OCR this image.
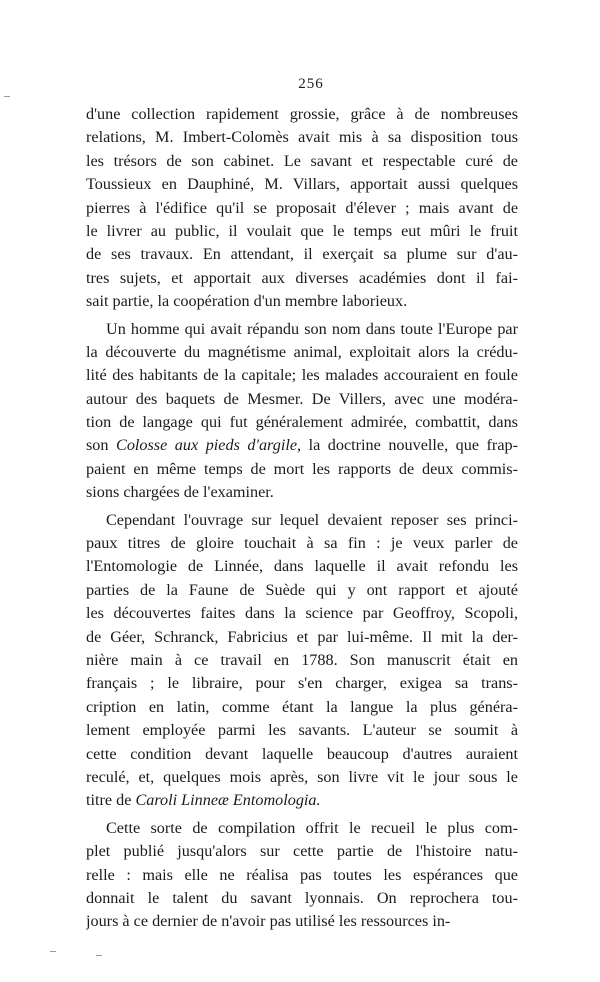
256
d'une collection rapidement grossie, grâce à de nombreuses
relations, M. Imbert-Colomès avait mis à sa disposition tous
les trésors de son cabinet. Le savant et respectable curé de
Toussieux en Dauphiné, M. Villars, apportait aussi quelques
pierres à l'édifice qu'il se proposait d'élever ; mais avant de
le livrer au public, il voulait que le temps eut mûri le fruit
de ses travaux. En attendant, il exerçait sa plume sur d'au-
tres sujets, et apportait aux diverses académies dont il fai-
sait partie, la coopération d'un membre laborieux.
Un homme qui avait répandu son nom dans toute l'Europe par
la découverte du magnétisme animal, exploitait alors la crédu-
lité des habitants de la capitale; les malades accouraient en foule
autour des baquets de Mesmer. De Villers, avec une modéra-
tion de langage qui fut généralement admirée, combattit, dans
son Colosse aux pieds d'argile, la doctrine nouvelle, que frap-
paient en même temps de mort les rapports de deux commis-
sions chargées de l'examiner.
Cependant l'ouvrage sur lequel devaient reposer ses princi-
paux titres de gloire touchait à sa fin : je veux parler de
l'Entomologie de Linnée, dans laquelle il avait refondu les
parties de la Faune de Suède qui y ont rapport et ajouté
les découvertes faites dans la science par Geoffroy, Scopoli,
de Géer, Schranck, Fabricius et par lui-même. Il mit la der-
nière main à ce travail en 1788. Son manuscrit était en
français ; le libraire, pour s'en charger, exigea sa trans-
cription en latin, comme étant la langue la plus généra-
lement employée parmi les savants. L'auteur se soumit à
cette condition devant laquelle beaucoup d'autres auraient
reculé, et, quelques mois après, son livre vit le jour sous le
titre de Caroli Linneæ Entomologia.
Cette sorte de compilation offrit le recueil le plus com-
plet publié jusqu'alors sur cette partie de l'histoire natu-
relle : mais elle ne réalisa pas toutes les espérances que
donnait le talent du savant lyonnais. On reprochera tou-
jours à ce dernier de n'avoir pas utilisé les ressources in-
